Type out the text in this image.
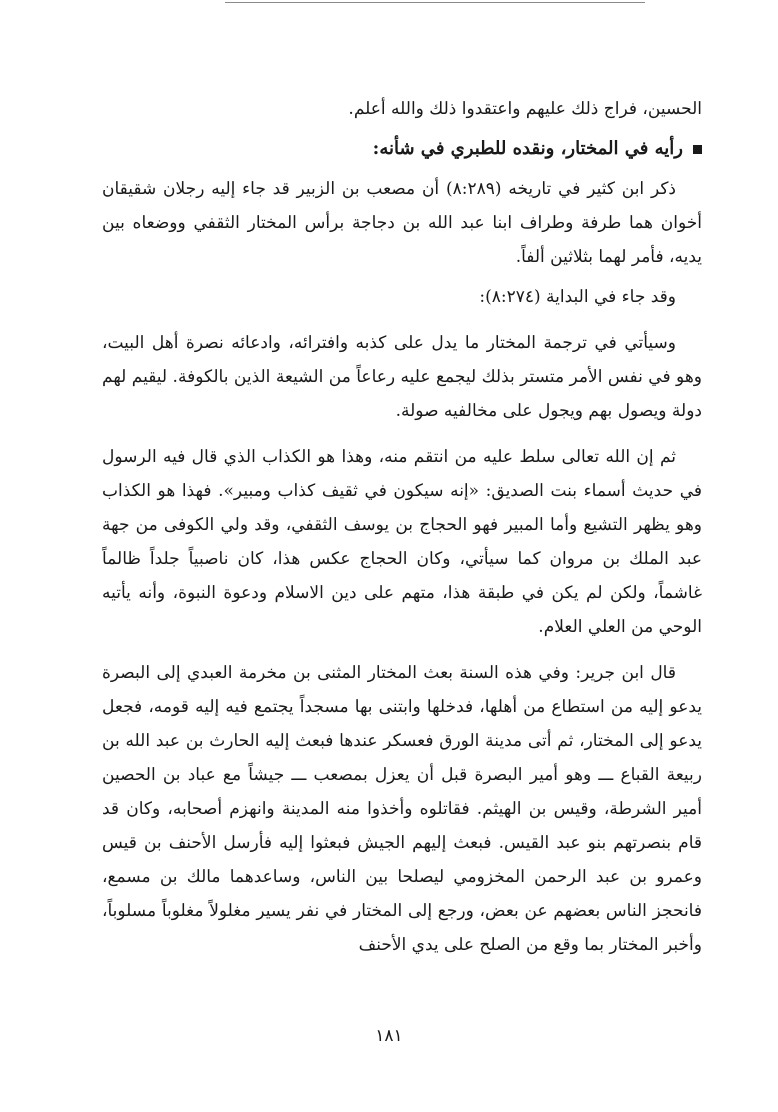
الحسين، فراج ذلك عليهم واعتقدوا ذلك والله أعلم.

رأيه في المختار، ونقده للطبري في شأنه:

ذكر ابن كثير في تاريخه (٨:٢٨٩) أن مصعب بن الزبير قد جاء إليه رجلان شقيقان أخوان هما طرفة وطراف ابنا عبد الله بن دجاجة برأس المختار الثقفي ووضعاه بين يديه، فأمر لهما بثلاثين ألفاً.

وقد جاء في البداية (٨:٢٧٤):

وسيأتي في ترجمة المختار ما يدل على كذبه وافترائه، وادعائه نصرة أهل البيت، وهو في نفس الأمر متستر بذلك ليجمع عليه رعاعاً من الشيعة الذين بالكوفة. ليقيم لهم دولة ويصول بهم ويجول على مخالفيه صولة.

ثم إن الله تعالى سلط عليه من انتقم منه، وهذا هو الكذاب الذي قال فيه الرسول في حديث أسماء بنت الصديق: «إنه سيكون في ثقيف كذاب ومبير». فهذا هو الكذاب وهو يظهر التشيع وأما المبير فهو الحجاج بن يوسف الثقفي، وقد ولي الكوفى من جهة عبد الملك بن مروان كما سيأتي، وكان الحجاج عكس هذا، كان ناصبياً جلداً ظالماً غاشماً، ولكن لم يكن في طبقة هذا، متهم على دين الاسلام ودعوة النبوة، وأنه يأتيه الوحي من العلي العلام.

قال ابن جرير: وفي هذه السنة بعث المختار المثنى بن مخرمة العبدي إلى البصرة يدعو إليه من استطاع من أهلها، فدخلها وابتنى بها مسجداً يجتمع فيه إليه قومه، فجعل يدعو إلى المختار، ثم أتى مدينة الورق فعسكر عندها فبعث إليه الحارث بن عبد الله بن ربيعة القباع ـــ وهو أمير البصرة قبل أن يعزل بمصعب ـــ جيشاً مع عباد بن الحصين أمير الشرطة، وقيس بن الهيثم. فقاتلوه وأخذوا منه المدينة وانهزم أصحابه، وكان قد قام بنصرتهم بنو عبد القيس. فبعث إليهم الجيش فبعثوا إليه فأرسل الأحنف بن قيس وعمرو بن عبد الرحمن المخزومي ليصلحا بين الناس، وساعدهما مالك بن مسمع، فانحجز الناس بعضهم عن بعض، ورجع إلى المختار في نفر يسير مغلولاً مغلوباً مسلوباً، وأخبر المختار بما وقع من الصلح على يدي الأحنف

١٨١
